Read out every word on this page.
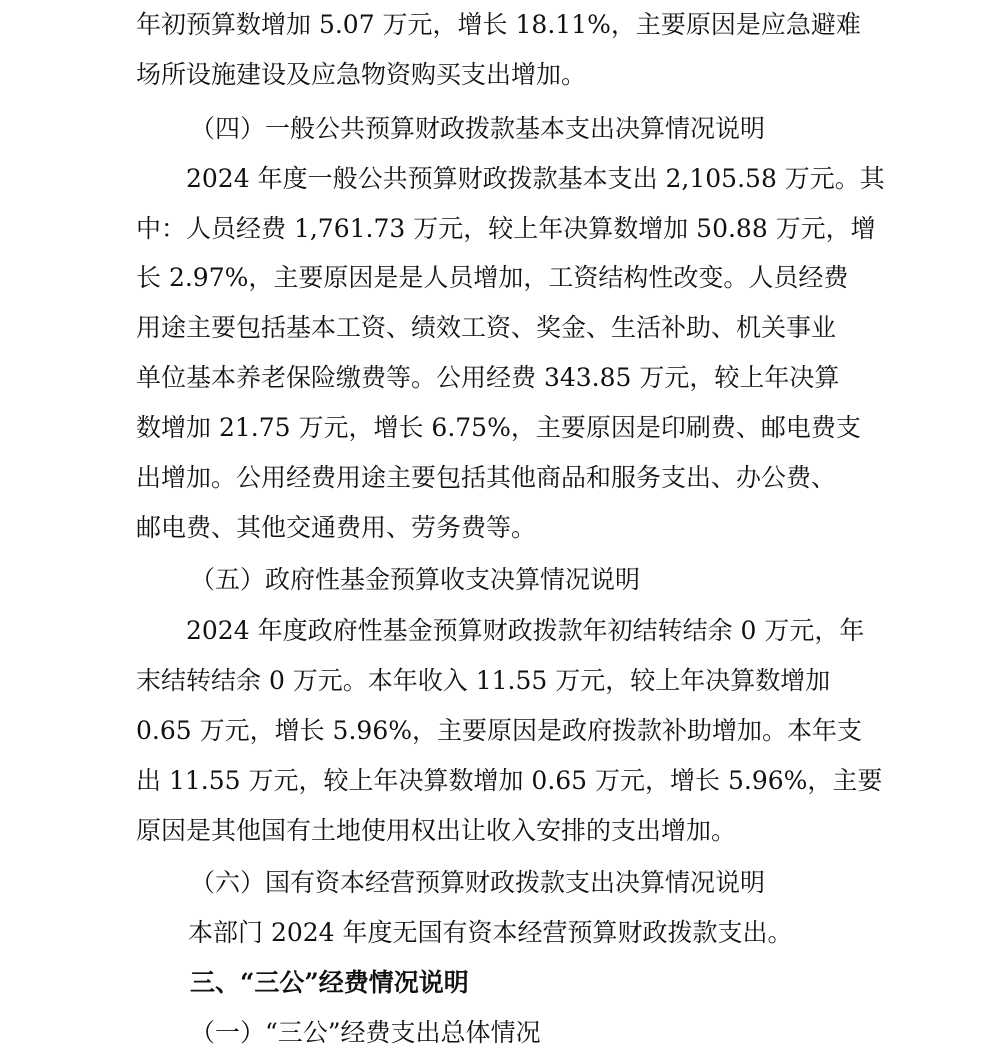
年初预算数增加 5.07 万元，增长 18.11%，主要原因是应急避难

场所设施建设及应急物资购买支出增加。

（四）一般公共预算财政拨款基本支出决算情况说明

2024 年度一般公共预算财政拨款基本支出 2,105.58 万元。其

中：人员经费 1,761.73 万元，较上年决算数增加 50.88 万元，增

长 2.97%，主要原因是是人员增加，工资结构性改变。人员经费

用途主要包括基本工资、绩效工资、奖金、生活补助、机关事业

单位基本养老保险缴费等。公用经费 343.85 万元，较上年决算

数增加 21.75 万元，增长 6.75%，主要原因是印刷费、邮电费支

出增加。公用经费用途主要包括其他商品和服务支出、办公费、

邮电费、其他交通费用、劳务费等。

（五）政府性基金预算收支决算情况说明

2024 年度政府性基金预算财政拨款年初结转结余 0 万元，年

末结转结余 0 万元。本年收入 11.55 万元，较上年决算数增加

0.65 万元，增长 5.96%，主要原因是政府拨款补助增加。本年支

出 11.55 万元，较上年决算数增加 0.65 万元，增长 5.96%，主要

原因是其他国有土地使用权出让收入安排的支出增加。

（六）国有资本经营预算财政拨款支出决算情况说明

本部门 2024 年度无国有资本经营预算财政拨款支出。

三、“三公”经费情况说明

（一）“三公”经费支出总体情况
